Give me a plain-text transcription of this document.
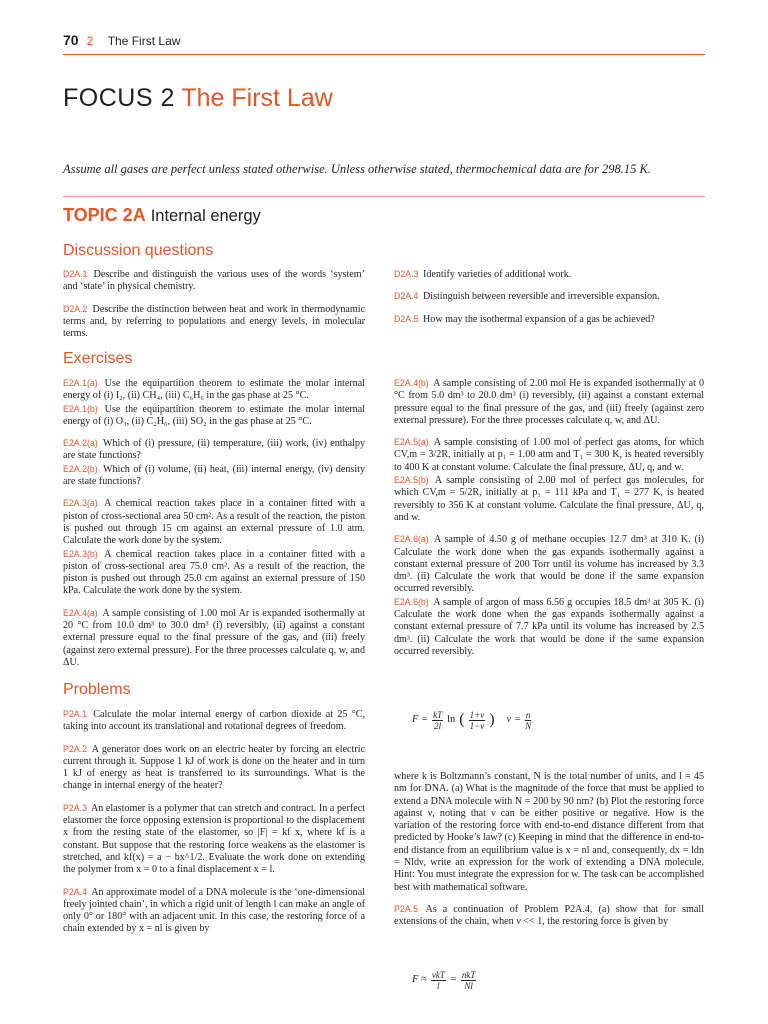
70 2 The First Law
FOCUS 2 The First Law
Assume all gases are perfect unless stated otherwise. Unless otherwise stated, thermochemical data are for 298.15 K.
TOPIC 2A Internal energy
Discussion questions

D2A.1 Describe and distinguish the various uses of the words ‘system’ and ‘state’ in physical chemistry.

D2A.2 Describe the distinction between heat and work in thermodynamic terms and, by referring to populations and energy levels, in molecular terms.

D2A.3 Identify varieties of additional work.

D2A.4 Distinguish between reversible and irreversible expansion.

D2A.5 How may the isothermal expansion of a gas be achieved?

Exercises

E2A.1(a) Use the equipartition theorem to estimate the molar internal energy of (i) I₂, (ii) CH₄, (iii) C₆H₆ in the gas phase at 25 °C.

E2A.1(b) Use the equipartition theorem to estimate the molar internal energy of (i) O₃, (ii) C₂H₆, (iii) SO₂ in the gas phase at 25 °C.

E2A.2(a) Which of (i) pressure, (ii) temperature, (iii) work, (iv) enthalpy are state functions?

E2A.2(b) Which of (i) volume, (ii) heat, (iii) internal energy, (iv) density are state functions?

E2A.3(a) A chemical reaction takes place in a container fitted with a piston of cross-sectional area 50 cm². As a result of the reaction, the piston is pushed out through 15 cm against an external pressure of 1.0 atm. Calculate the work done by the system.

E2A.3(b) A chemical reaction takes place in a container fitted with a piston of cross-sectional area 75.0 cm². As a result of the reaction, the piston is pushed out through 25.0 cm against an external pressure of 150 kPa. Calculate the work done by the system.

E2A.4(a) A sample consisting of 1.00 mol Ar is expanded isothermally at 20 °C from 10.0 dm³ to 30.0 dm³ (i) reversibly, (ii) against a constant external pressure equal to the final pressure of the gas, and (iii) freely (against zero external pressure). For the three processes calculate q, w, and ΔU.

E2A.4(b) A sample consisting of 2.00 mol He is expanded isothermally at 0 °C from 5.0 dm³ to 20.0 dm³ (i) reversibly, (ii) against a constant external pressure equal to the final pressure of the gas, and (iii) freely (against zero external pressure). For the three processes calculate q, w, and ΔU.

E2A.5(a) A sample consisting of 1.00 mol of perfect gas atoms, for which CV,m = 3/2R, initially at p₁ = 1.00 atm and T₁ = 300 K, is heated reversibly to 400 K at constant volume. Calculate the final pressure, ΔU, q, and w.

E2A.5(b) A sample consisting of 2.00 mol of perfect gas molecules, for which CV,m = 5/2R, initially at p₁ = 111 kPa and T₁ = 277 K, is heated reversibly to 356 K at constant volume. Calculate the final pressure, ΔU, q, and w.

E2A.6(a) A sample of 4.50 g of methane occupies 12.7 dm³ at 310 K. (i) Calculate the work done when the gas expands isothermally against a constant external pressure of 200 Torr until its volume has increased by 3.3 dm³. (ii) Calculate the work that would be done if the same expansion occurred reversibly.

E2A.6(b) A sample of argon of mass 6.56 g occupies 18.5 dm³ at 305 K. (i) Calculate the work done when the gas expands isothermally against a constant external pressure of 7.7 kPa until its volume has increased by 2.5 dm³. (ii) Calculate the work that would be done if the same expansion occurred reversibly.

Problems

P2A.1 Calculate the molar internal energy of carbon dioxide at 25 °C, taking into account its translational and rotational degrees of freedom.

P2A.2 A generator does work on an electric heater by forcing an electric current through it. Suppose 1 kJ of work is done on the heater and in turn 1 kJ of energy as heat is transferred to its surroundings. What is the change in internal energy of the heater?

P2A.3 An elastomer is a polymer that can stretch and contract. In a perfect elastomer the force opposing extension is proportional to the displacement x from the resting state of the elastomer, so |F| = kf x, where kf is a constant. But suppose that the restoring force weakens as the elastomer is stretched, and kf(x) = a − bx^1/2. Evaluate the work done on extending the polymer from x = 0 to a final displacement x = l.

P2A.4 An approximate model of a DNA molecule is the ‘one-dimensional freely jointed chain’, in which a rigid unit of length l can make an angle of only 0° or 180° with an adjacent unit. In this case, the restoring force of a chain extended by x = nl is given by

$F = \frac{kT}{2l}$ ln ( $\frac{1+\nu}{1-\nu}$ ) $\nu = \frac{n}{N}$

where k is Boltzmann’s constant, N is the total number of units, and l = 45 nm for DNA. (a) What is the magnitude of the force that must be applied to extend a DNA molecule with N = 200 by 90 nm? (b) Plot the restoring force against ν, noting that ν can be either positive or negative. How is the variation of the restoring force with end-to-end distance different from that predicted by Hooke’s law? (c) Keeping in mind that the difference in end-to-end distance from an equilibrium value is x = nl and, consequently, dx = ldn = Nldν, write an expression for the work of extending a DNA molecule. Hint: You must integrate the expression for w. The task can be accomplished best with mathematical software.

P2A.5 As a continuation of Problem P2A.4, (a) show that for small extensions of the chain, when ν << 1, the restoring force is given by

$F \approx \frac{\text{νkT}}{l} = \frac{\text{nkT}}{Nl}$
